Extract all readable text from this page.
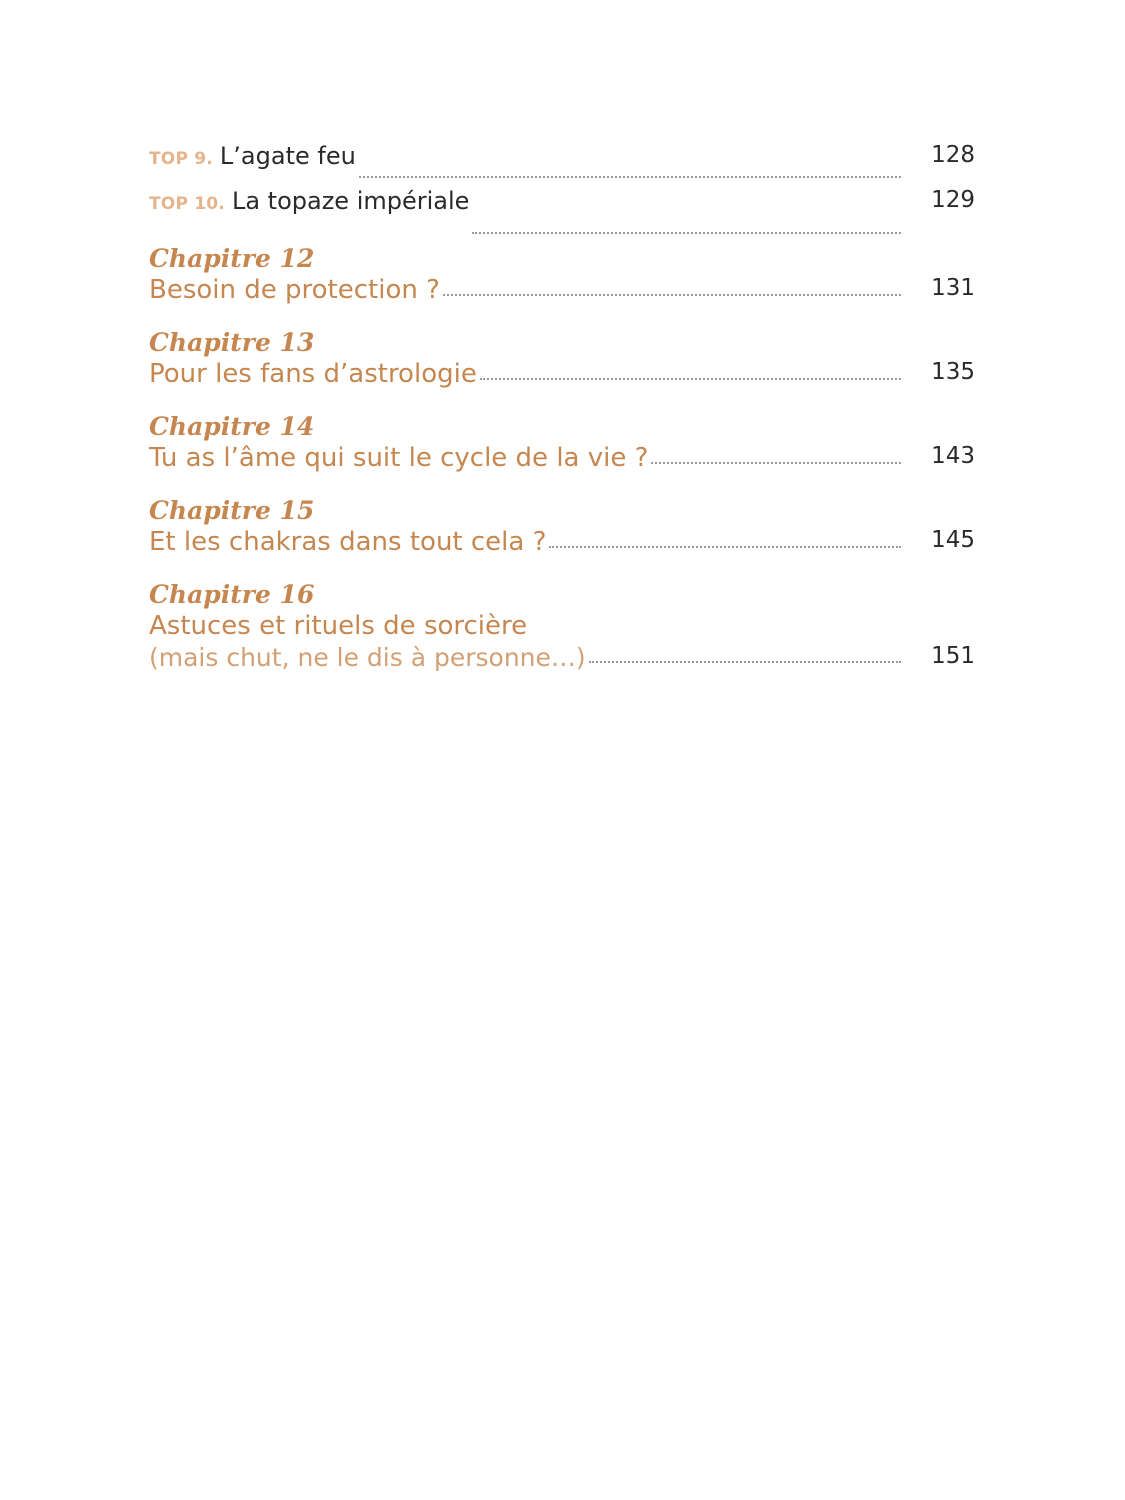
TOP 9. L’agate feu	128
TOP 10. La topaze impériale	129
Chapitre 12
Besoin de protection ?	131
Chapitre 13
Pour les fans d’astrologie	135
Chapitre 14
Tu as l’âme qui suit le cycle de la vie ?	143
Chapitre 15
Et les chakras dans tout cela ?	145
Chapitre 16
Astuces et rituels de sorcière
(mais chut, ne le dis à personne…)	151
